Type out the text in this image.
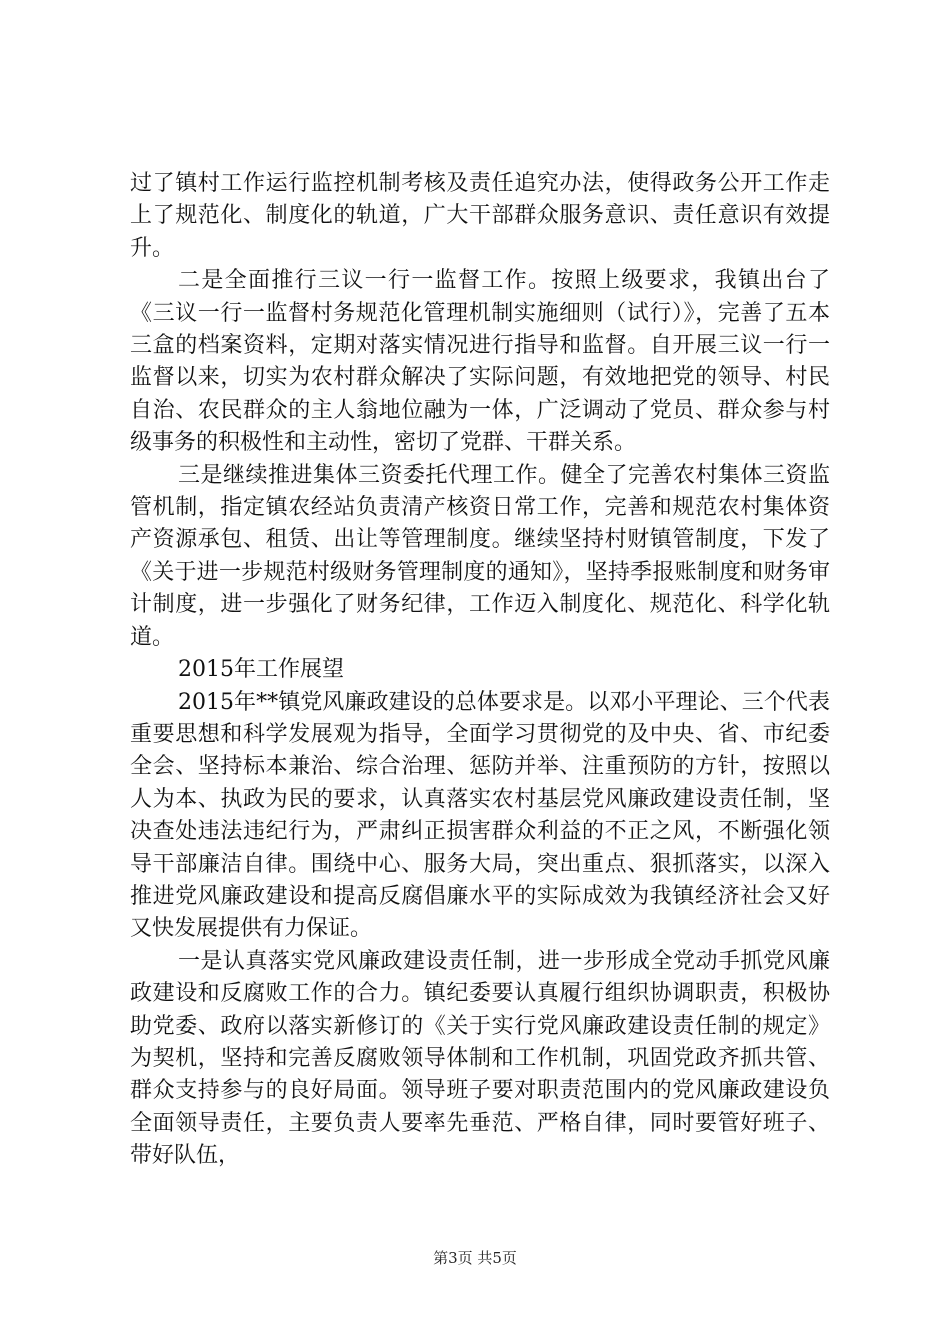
过了镇村工作运行监控机制考核及责任追究办法，使得政务公开工作走上了规范化、制度化的轨道，广大干部群众服务意识、责任意识有效提升。

二是全面推行三议一行一监督工作。按照上级要求，我镇出台了《三议一行一监督村务规范化管理机制实施细则（试行）》，完善了五本三盒的档案资料，定期对落实情况进行指导和监督。自开展三议一行一监督以来，切实为农村群众解决了实际问题，有效地把党的领导、村民自治、农民群众的主人翁地位融为一体，广泛调动了党员、群众参与村级事务的积极性和主动性，密切了党群、干群关系。

三是继续推进集体三资委托代理工作。健全了完善农村集体三资监管机制，指定镇农经站负责清产核资日常工作，完善和规范农村集体资产资源承包、租赁、出让等管理制度。继续坚持村财镇管制度，下发了《关于进一步规范村级财务管理制度的通知》，坚持季报账制度和财务审计制度，进一步强化了财务纪律，工作迈入制度化、规范化、科学化轨道。

2015年工作展望

2015年**镇党风廉政建设的总体要求是。以邓小平理论、三个代表重要思想和科学发展观为指导，全面学习贯彻党的及中央、省、市纪委全会、坚持标本兼治、综合治理、惩防并举、注重预防的方针，按照以人为本、执政为民的要求，认真落实农村基层党风廉政建设责任制，坚决查处违法违纪行为，严肃纠正损害群众利益的不正之风，不断强化领导干部廉洁自律。围绕中心、服务大局，突出重点、狠抓落实，以深入推进党风廉政建设和提高反腐倡廉水平的实际成效为我镇经济社会又好又快发展提供有力保证。

一是认真落实党风廉政建设责任制，进一步形成全党动手抓党风廉政建设和反腐败工作的合力。镇纪委要认真履行组织协调职责，积极协助党委、政府以落实新修订的《关于实行党风廉政建设责任制的规定》为契机，坚持和完善反腐败领导体制和工作机制，巩固党政齐抓共管、群众支持参与的良好局面。领导班子要对职责范围内的党风廉政建设负全面领导责任，主要负责人要率先垂范、严格自律，同时要管好班子、带好队伍，

第3页 共5页
